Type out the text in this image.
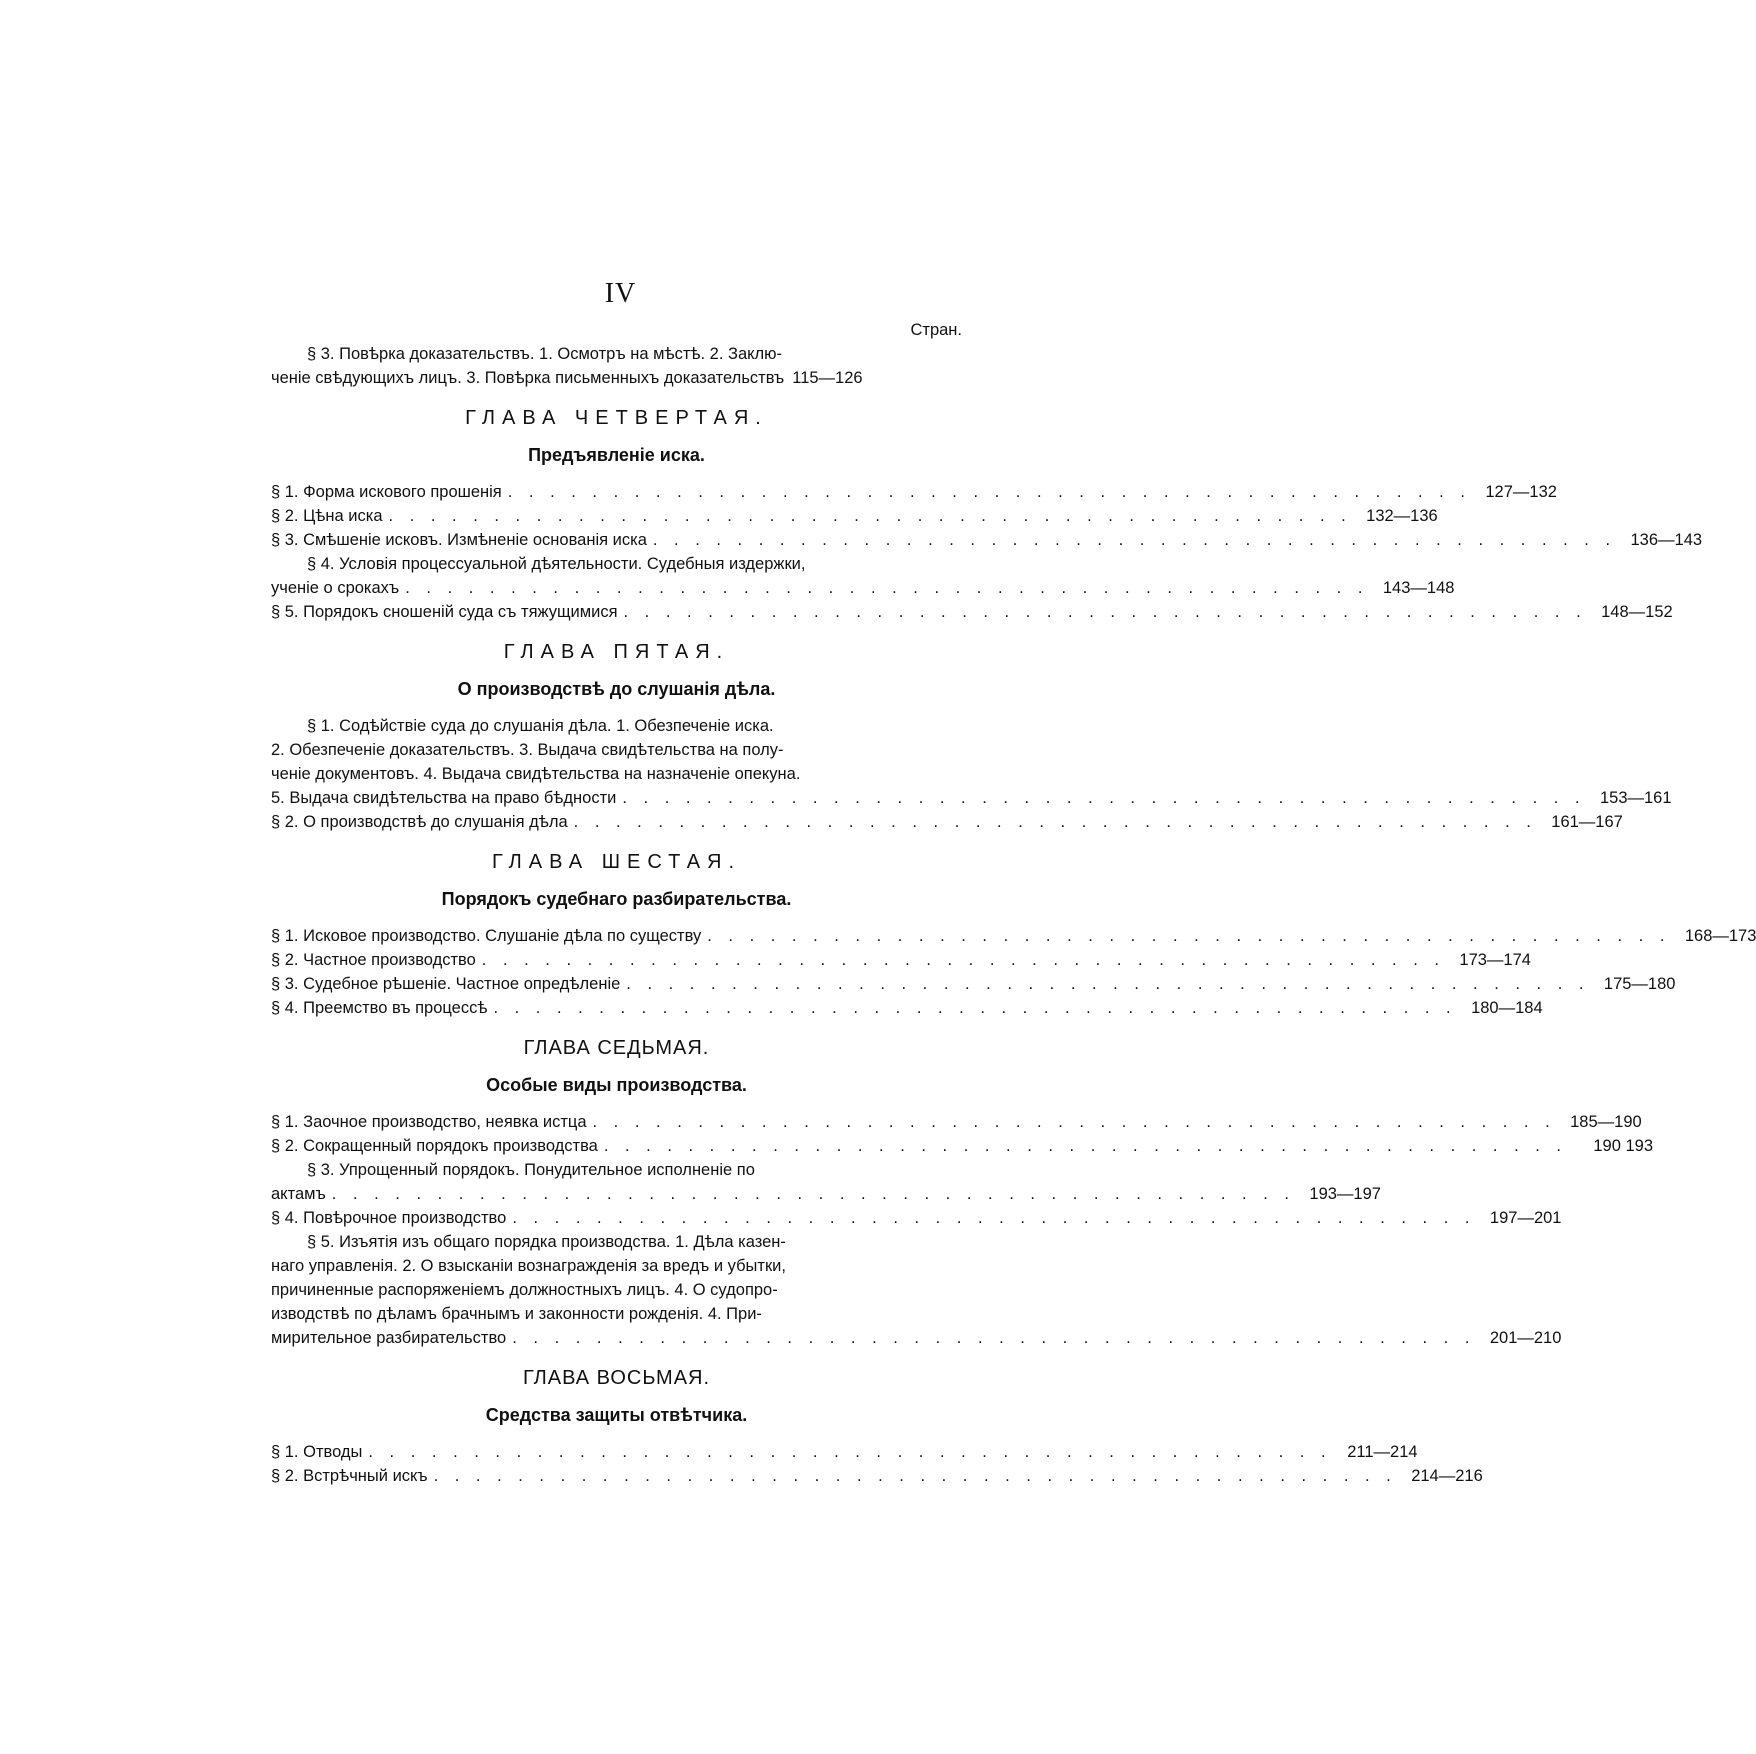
IV
Стран.
§ 3. Повѣрка доказательствъ. 1. Осмотръ на мѣстѣ. 2. Заклю-
ченіе свѣдующихъ лицъ. 3. Повѣрка письменныхъ доказательствъ 115—126
ГЛАВА ЧЕТВЕРТАЯ.
Предъявленіе иска.
§ 1. Форма искового прошенія . . . . . . . . . . . . . . . . . . . . . . . . . . . . . . . . . . . . . . . . . . . . . . 127—132
§ 2. Цѣна иска . . . . . . . . . . . . . . . . . . . . . . . . . . . . . . . . . . . . . . . . . . . . . . 132—136
§ 3. Смѣшеніе исковъ. Измѣненіе основанія иска . . . . . . . . . . . . . . . . . . . . . . . . . . . . . . . . . . . . . . . . . . . . . . 136—143
§ 4. Условія процессуальной дѣятельности. Судебныя издержки,
ученіе о срокахъ . . . . . . . . . . . . . . . . . . . . . . . . . . . . . . . . . . . . . . . . . . . . . . 143—148
§ 5. Порядокъ сношеній суда съ тяжущимися . . . . . . . . . . . . . . . . . . . . . . . . . . . . . . . . . . . . . . . . . . . . . . 148—152
ГЛАВА ПЯТАЯ.
О производствѣ до слушанія дѣла.
§ 1. Содѣйствіе суда до слушанія дѣла. 1. Обезпеченіе иска.
2. Обезпеченіе доказательствъ. 3. Выдача свидѣтельства на полу-
ченіе документовъ. 4. Выдача свидѣтельства на назначеніе опекуна.
5. Выдача свидѣтельства на право бѣдности . . . . . . . . . . . . . . . . . . . . . . . . . . . . . . . . . . . . . . . . . . . . . . 153—161
§ 2. О производствѣ до слушанія дѣла . . . . . . . . . . . . . . . . . . . . . . . . . . . . . . . . . . . . . . . . . . . . . . 161—167
ГЛАВА ШЕСТАЯ.
Порядокъ судебнаго разбирательства.
§ 1. Исковое производство. Слушаніе дѣла по существу . . . . . . . . . . . . . . . . . . . . . . . . . . . . . . . . . . . . . . . . . . . . . . 168—173
§ 2. Частное производство . . . . . . . . . . . . . . . . . . . . . . . . . . . . . . . . . . . . . . . . . . . . . . 173—174
§ 3. Судебное рѣшеніе. Частное опредѣленіе . . . . . . . . . . . . . . . . . . . . . . . . . . . . . . . . . . . . . . . . . . . . . . 175—180
§ 4. Преемство въ процессѣ . . . . . . . . . . . . . . . . . . . . . . . . . . . . . . . . . . . . . . . . . . . . . . 180—184
ГЛАВА СЕДЬМАЯ.
Особые виды производства.
§ 1. Заочное производство, неявка истца . . . . . . . . . . . . . . . . . . . . . . . . . . . . . . . . . . . . . . . . . . . . . . 185—190
§ 2. Сокращенный порядокъ производства . . . . . . . . . . . . . . . . . . . . . . . . . . . . . . . . . . . . . . . . . . . . . .	190 193
§ 3. Упрощенный порядокъ. Понудительное исполненіе по
актамъ . . . . . . . . . . . . . . . . . . . . . . . . . . . . . . . . . . . . . . . . . . . . . . 193—197
§ 4. Повѣрочное производство . . . . . . . . . . . . . . . . . . . . . . . . . . . . . . . . . . . . . . . . . . . . . . 197—201
§ 5. Изъятія изъ общаго порядка производства. 1. Дѣла казен-
наго управленія. 2. О взысканіи вознагражденія за вредъ и убытки,
причиненные распоряженіемъ должностныхъ лицъ. 4. О судопро-
изводствѣ по дѣламъ брачнымъ и законности рожденія. 4. При-
мирительное разбирательство . . . . . . . . . . . . . . . . . . . . . . . . . . . . . . . . . . . . . . . . . . . . . . 201—210
ГЛАВА ВОСЬМАЯ.
Средства защиты отвѣтчика.
§ 1. Отводы . . . . . . . . . . . . . . . . . . . . . . . . . . . . . . . . . . . . . . . . . . . . . . 211—214
§ 2. Встрѣчный искъ . . . . . . . . . . . . . . . . . . . . . . . . . . . . . . . . . . . . . . . . . . . . . . 214—216
